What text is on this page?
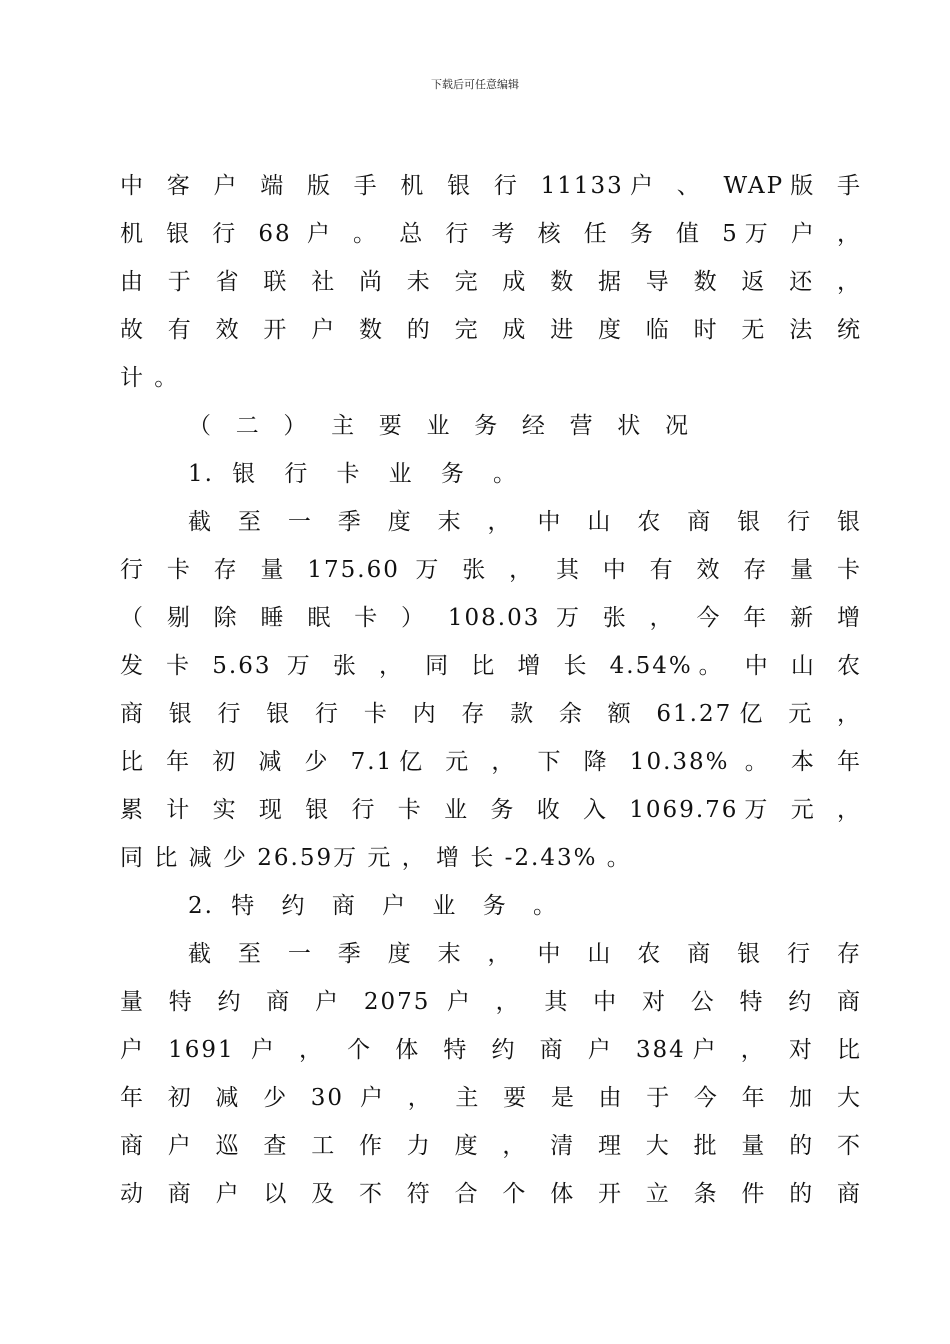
下载后可任意编辑
中 客 户 端 版 手 机 银 行 11133户 、 WAP版 手
机 银 行 68 户 。 总 行 考 核 任 务 值 5万 户 ，
由 于 省 联 社 尚 未 完 成 数 据 导 数 返 还 ，
故 有 效 开 户 数 的 完 成 进 度 临 时 无 法 统
计 。
（ 二 ） 主 要 业 务 经 营 状 况
1. 银 行 卡 业 务 。
截 至 一 季 度 末 ， 中 山 农 商 银 行 银
行 卡 存 量 175.60 万 张 ， 其 中 有 效 存 量 卡
（ 剔 除 睡 眠 卡 ） 108.03 万 张 ， 今 年 新 增
发 卡 5.63 万 张 ， 同 比 增 长 4.54%。 中 山 农
商 银 行 银 行 卡 内 存 款 余 额 61.27亿 元 ，
比 年 初 减 少 7.1亿 元 ， 下 降 10.38% 。 本 年
累 计 实 现 银 行 卡 业 务 收 入 1069.76万 元 ，
同 比 减 少 26.59万 元 ， 增 长 -2.43% 。
2. 特 约 商 户 业 务 。
截 至 一 季 度 末 ， 中 山 农 商 银 行 存
量 特 约 商 户 2075 户 ， 其 中 对 公 特 约 商
户 1691 户 ， 个 体 特 约 商 户 384户 ， 对 比
年 初 减 少 30 户 ， 主 要 是 由 于 今 年 加 大
商 户 巡 查 工 作 力 度 ， 清 理 大 批 量 的 不
动 商 户 以 及 不 符 合 个 体 开 立 条 件 的 商
